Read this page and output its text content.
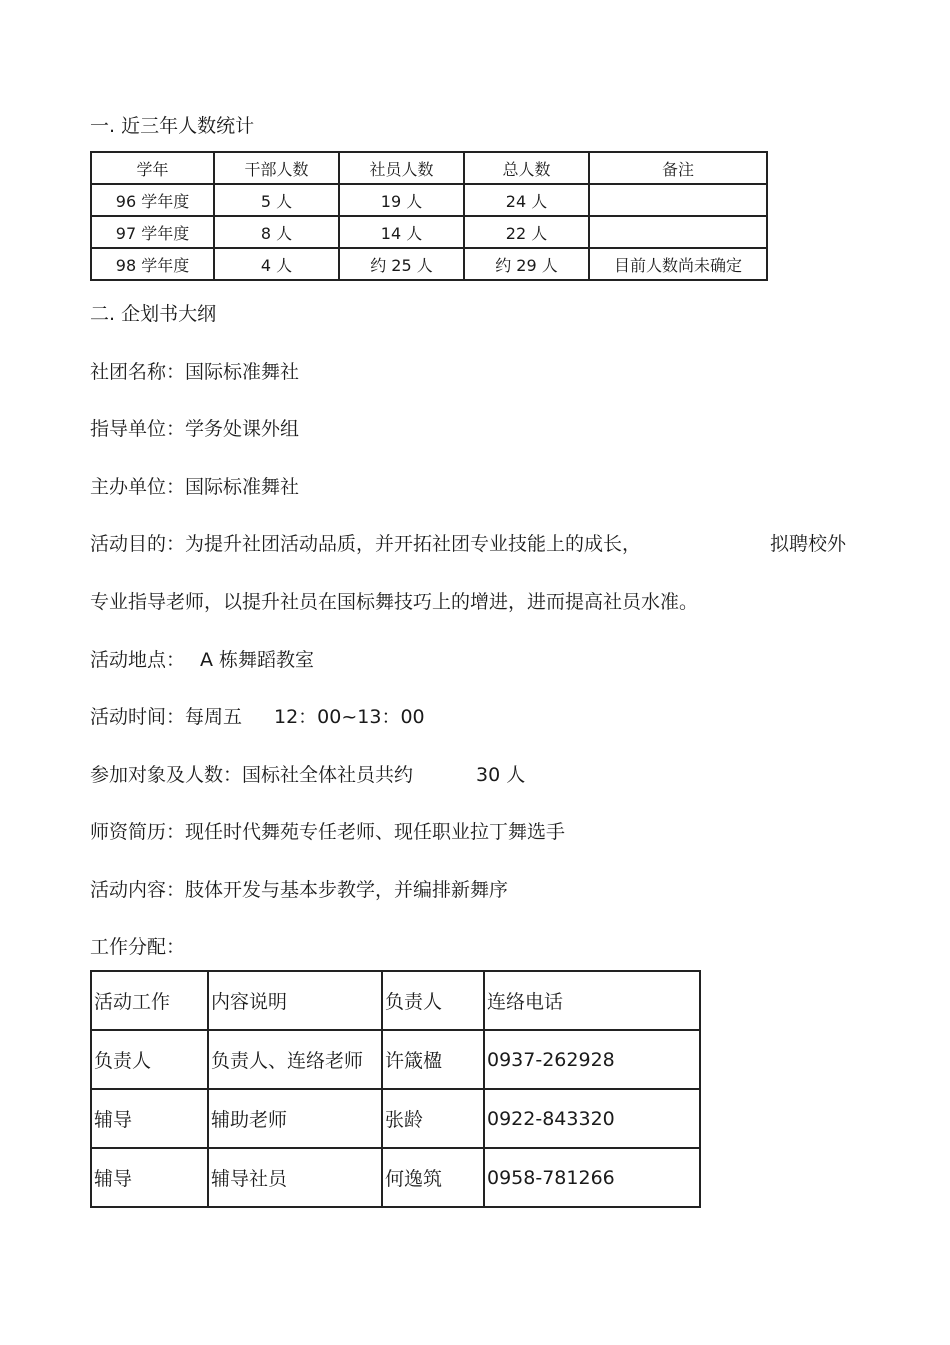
一. 近三年人数统计
学年	干部人数	社员人数	总人数	备注
96 学年度	5 人	19 人	24 人	
97 学年度	8 人	14 人	22 人	
98 学年度	4 人	约 25 人	约 29 人	目前人数尚未确定
二. 企划书大纲
社团名称：国际标准舞社
指导单位：学务处课外组
主办单位：国际标准舞社
活动目的：为提升社团活动品质，并开拓社团专业技能上的成长，	拟聘校外
专业指导老师，以提升社员在国标舞技巧上的增进，进而提高社员水准。
活动地点： A 栋舞蹈教室
活动时间：每周五 12：00~13：00
参加对象及人数：国标社全体社员共约	30 人
师资简历：现任时代舞苑专任老师、现任职业拉丁舞选手
活动内容：肢体开发与基本步教学，并编排新舞序
工作分配：
活动工作	内容说明	负责人	连络电话
负责人	负责人、连络老师	许箴楹	0937-262928
辅导	辅助老师	张龄	0922-843320
辅导	辅导社员	何逸筑	0958-781266
